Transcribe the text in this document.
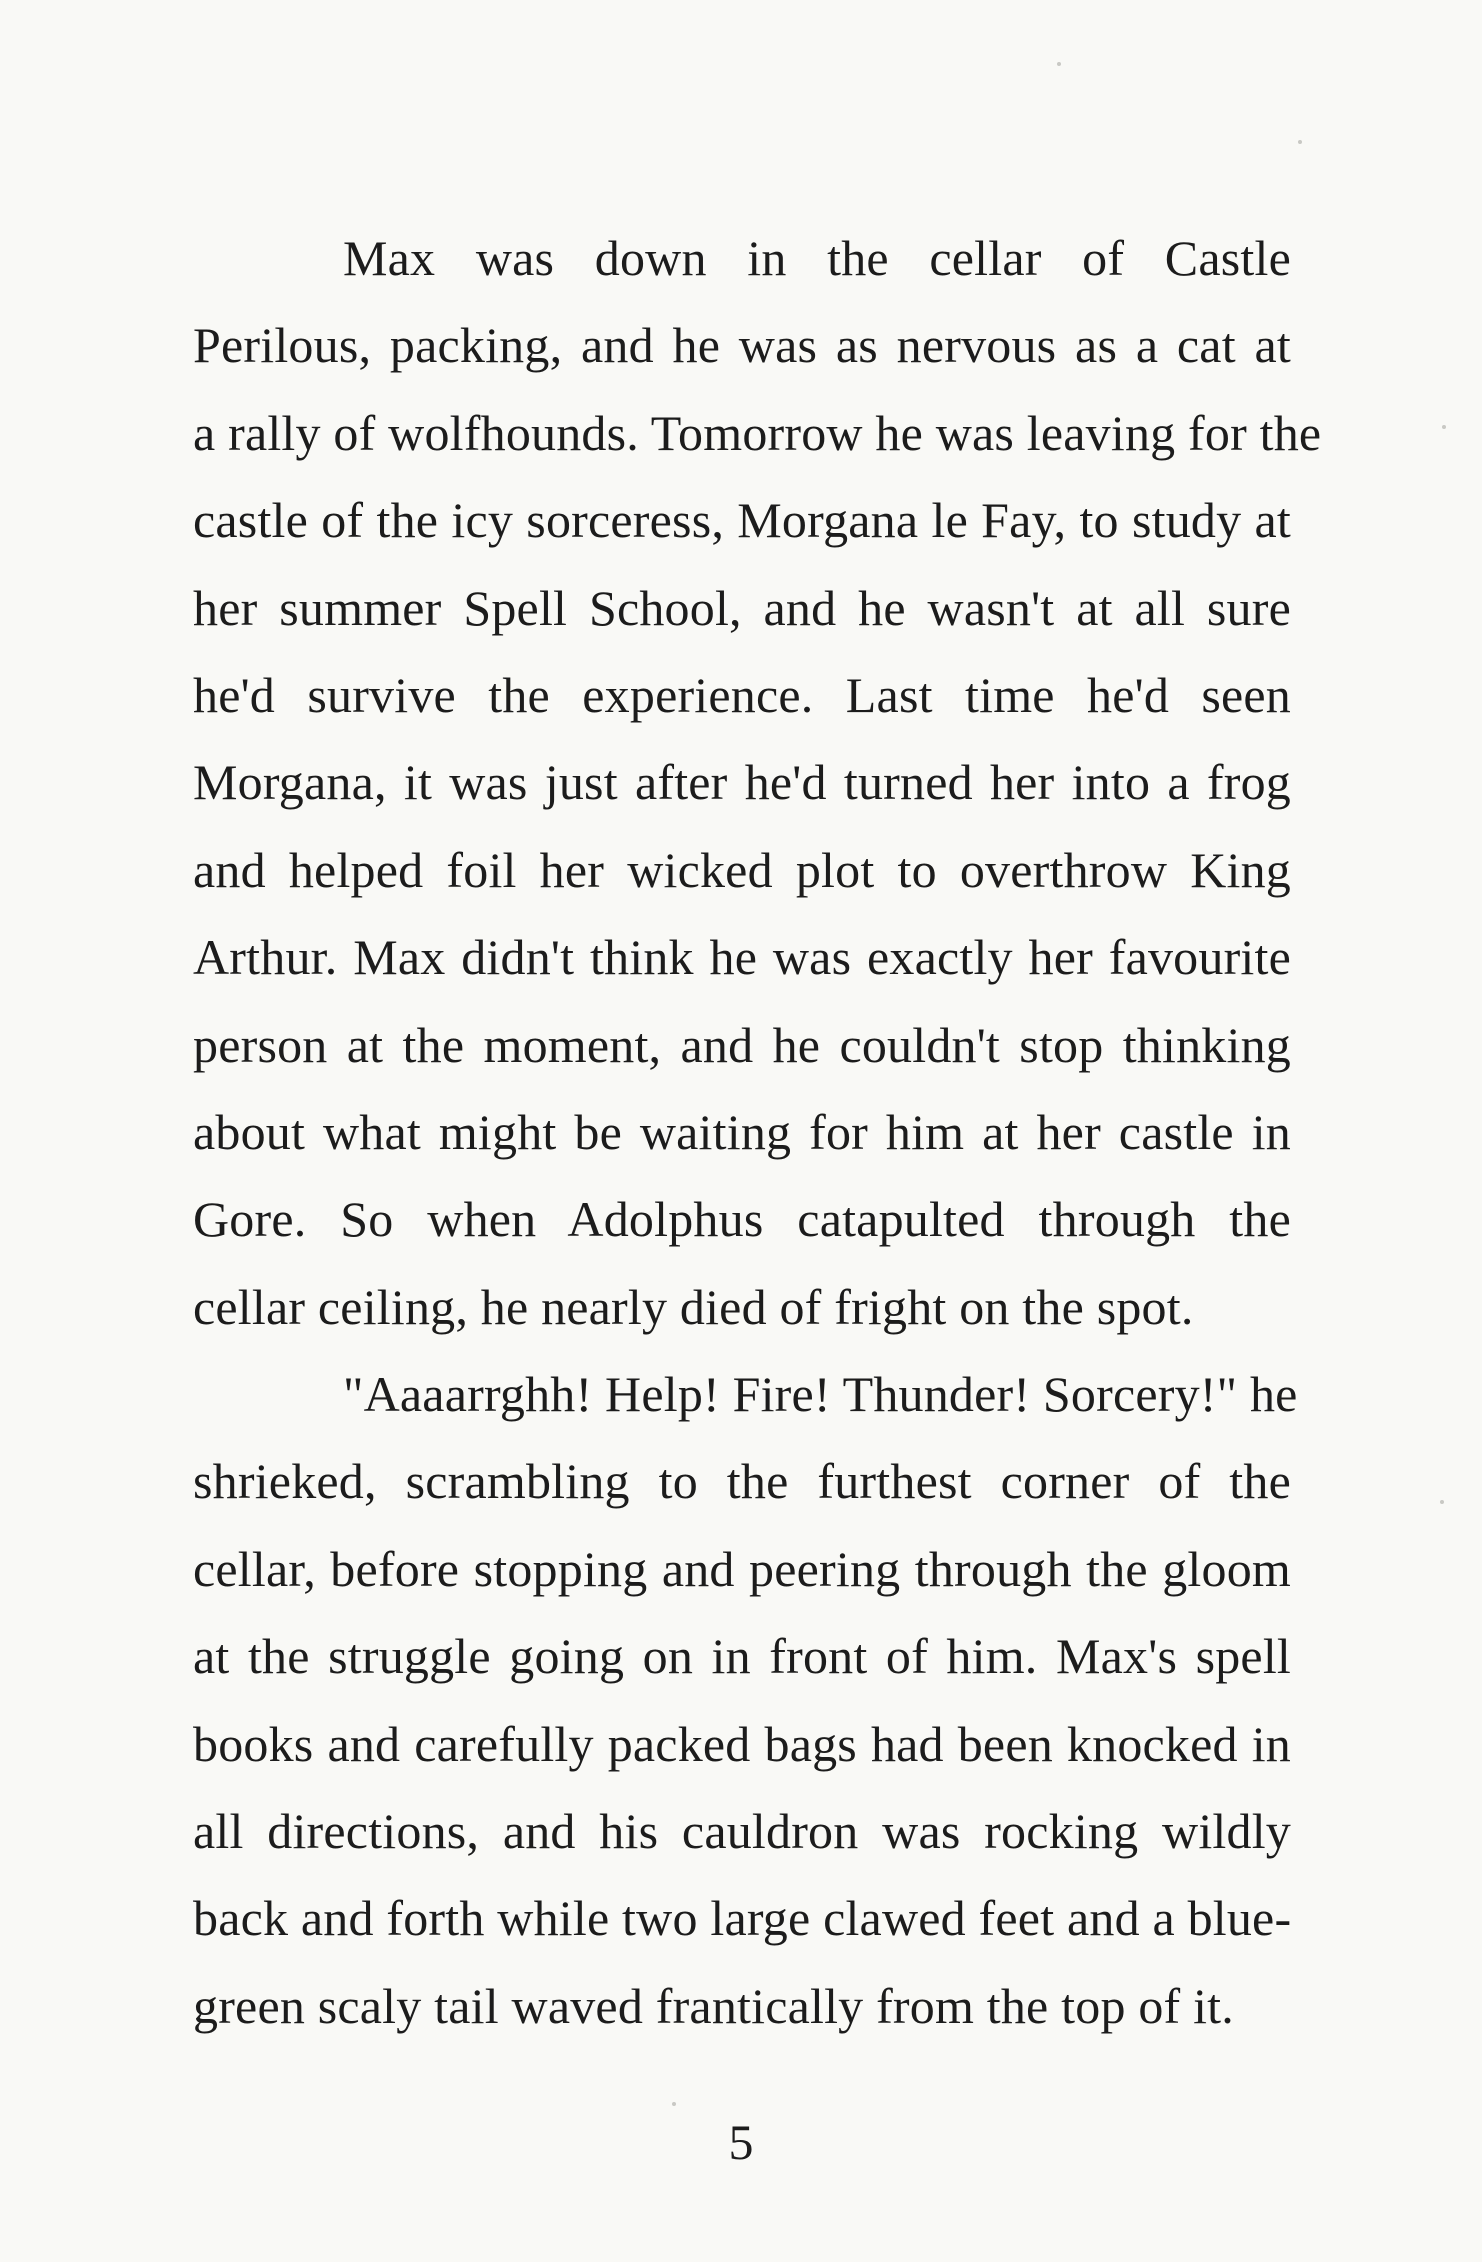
Max was down in the cellar of Castle
Perilous, packing, and he was as nervous as a cat at
a rally of wolfhounds. Tomorrow he was leaving for the
castle of the icy sorceress, Morgana le Fay, to study at
her summer Spell School, and he wasn't at all sure
he'd survive the experience. Last time he'd seen
Morgana, it was just after he'd turned her into a frog
and helped foil her wicked plot to overthrow King
Arthur. Max didn't think he was exactly her favourite
person at the moment, and he couldn't stop thinking
about what might be waiting for him at her castle in
Gore. So when Adolphus catapulted through the
cellar ceiling, he nearly died of fright on the spot.
"Aaaarrghh! Help! Fire! Thunder! Sorcery!" he
shrieked, scrambling to the furthest corner of the
cellar, before stopping and peering through the gloom
at the struggle going on in front of him. Max's spell
books and carefully packed bags had been knocked in
all directions, and his cauldron was rocking wildly
back and forth while two large clawed feet and a blue-
green scaly tail waved frantically from the top of it.
5
